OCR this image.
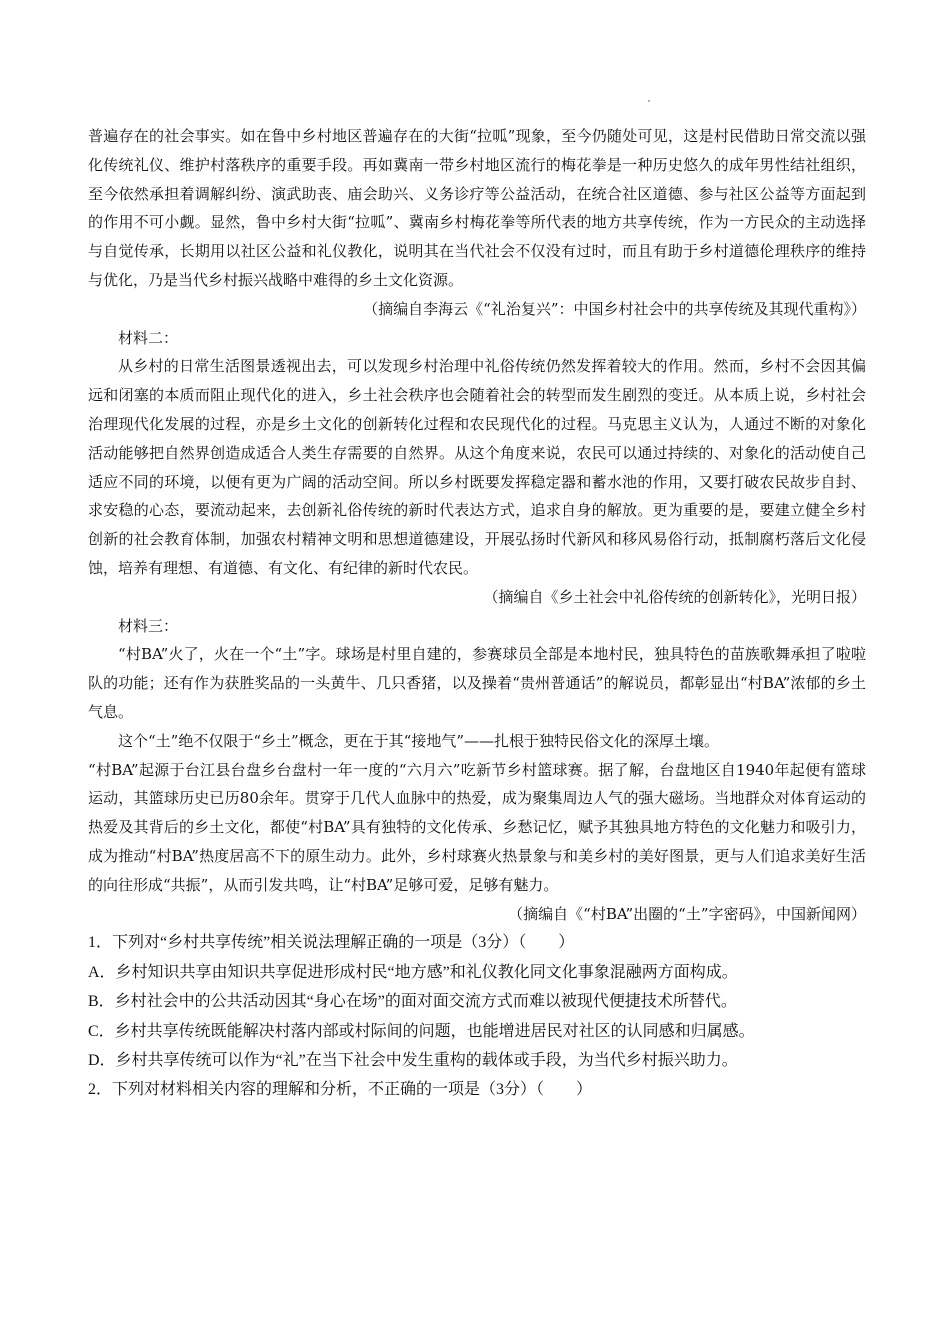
普遍存在的社会事实。如在鲁中乡村地区普遍存在的大街“拉呱”现象，至今仍随处可见，这是村民借助日常交流以强化传统礼仪、维护村落秩序的重要手段。再如冀南一带乡村地区流行的梅花拳是一种历史悠久的成年男性结社组织，至今依然承担着调解纠纷、演武助丧、庙会助兴、义务诊疗等公益活动，在统合社区道德、参与社区公益等方面起到的作用不可小觑。显然，鲁中乡村大街“拉呱”、冀南乡村梅花拳等所代表的地方共享传统，作为一方民众的主动选择与自觉传承，长期用以社区公益和礼仪教化，说明其在当代社会不仅没有过时，而且有助于乡村道德伦理秩序的维持与优化，乃是当代乡村振兴战略中难得的乡土文化资源。

（摘编自李海云《“礼治复兴”：中国乡村社会中的共享传统及其现代重构》）

材料二：

从乡村的日常生活图景透视出去，可以发现乡村治理中礼俗传统仍然发挥着较大的作用。然而，乡村不会因其偏远和闭塞的本质而阻止现代化的进入，乡土社会秩序也会随着社会的转型而发生剧烈的变迁。从本质上说，乡村社会治理现代化发展的过程，亦是乡土文化的创新转化过程和农民现代化的过程。马克思主义认为，人通过不断的对象化活动能够把自然界创造成适合人类生存需要的自然界。从这个角度来说，农民可以通过持续的、对象化的活动使自己适应不同的环境，以便有更为广阔的活动空间。所以乡村既要发挥稳定器和蓄水池的作用，又要打破农民故步自封、求安稳的心态，要流动起来，去创新礼俗传统的新时代表达方式，追求自身的解放。更为重要的是，要建立健全乡村创新的社会教育体制，加强农村精神文明和思想道德建设，开展弘扬时代新风和移风易俗行动，抵制腐朽落后文化侵蚀，培养有理想、有道德、有文化、有纪律的新时代农民。

（摘编自《乡土社会中礼俗传统的创新转化》，光明日报）

材料三：

“村BA”火了，火在一个“土”字。球场是村里自建的，参赛球员全部是本地村民，独具特色的苗族歌舞承担了啦啦队的功能；还有作为获胜奖品的一头黄牛、几只香猪，以及操着“贵州普通话”的解说员，都彰显出“村BA”浓郁的乡土气息。

这个“土”绝不仅限于“乡土”概念，更在于其“接地气”——扎根于独特民俗文化的深厚土壤。

“村BA”起源于台江县台盘乡台盘村一年一度的“六月六”吃新节乡村篮球赛。据了解，台盘地区自1940年起便有篮球运动，其篮球历史已历80余年。贯穿于几代人血脉中的热爱，成为聚集周边人气的强大磁场。当地群众对体育运动的热爱及其背后的乡土文化，都使“村BA”具有独特的文化传承、乡愁记忆，赋予其独具地方特色的文化魅力和吸引力，成为推动“村BA”热度居高不下的原生动力。此外，乡村球赛火热景象与和美乡村的美好图景，更与人们追求美好生活的向往形成“共振”，从而引发共鸣，让“村BA”足够可爱，足够有魅力。

（摘编自《“村BA”出圈的“土”字密码》，中国新闻网）

1．下列对“乡村共享传统”相关说法理解正确的一项是（3分）（　　）

A．乡村知识共享由知识共享促进形成村民“地方感”和礼仪教化同文化事象混融两方面构成。

B．乡村社会中的公共活动因其“身心在场”的面对面交流方式而难以被现代便捷技术所替代。

C．乡村共享传统既能解决村落内部或村际间的问题，也能增进居民对社区的认同感和归属感。

D．乡村共享传统可以作为“礼”在当下社会中发生重构的载体或手段，为当代乡村振兴助力。

2．下列对材料相关内容的理解和分析，不正确的一项是（3分）（　　）
